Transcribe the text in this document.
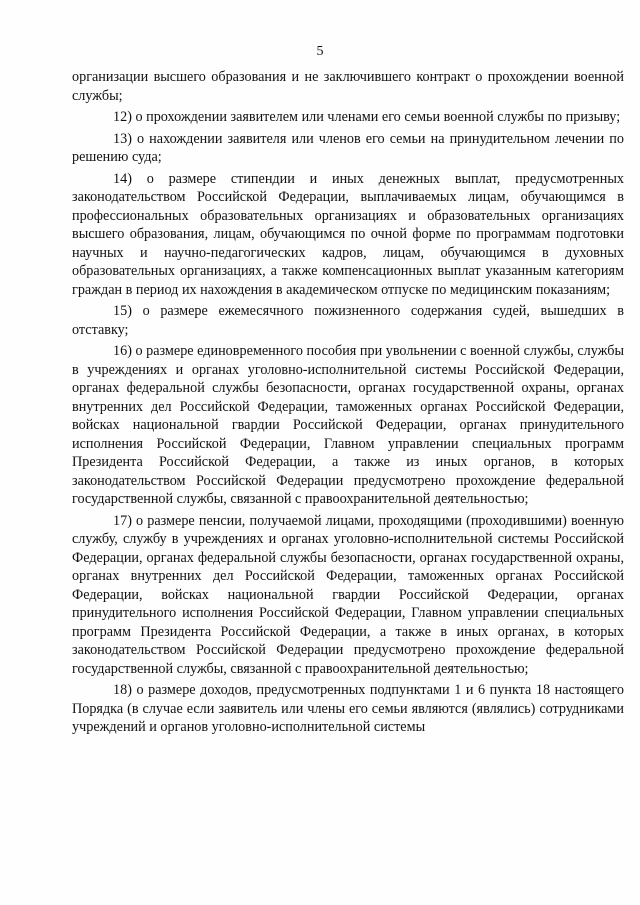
5

организации высшего образования и не заключившего контракт о прохождении военной службы;

12) о прохождении заявителем или членами его семьи военной службы по призыву;

13) о нахождении заявителя или членов его семьи на принудительном лечении по решению суда;

14) о размере стипендии и иных денежных выплат, предусмотренных законодательством Российской Федерации, выплачиваемых лицам, обучающимся в профессиональных образовательных организациях и образовательных организациях высшего образования, лицам, обучающимся по очной форме по программам подготовки научных и научно-педагогических кадров, лицам, обучающимся в духовных образовательных организациях, а также компенсационных выплат указанным категориям граждан в период их нахождения в академическом отпуске по медицинским показаниям;

15) о размере ежемесячного пожизненного содержания судей, вышедших в отставку;

16) о размере единовременного пособия при увольнении с военной службы, службы в учреждениях и органах уголовно-исполнительной системы Российской Федерации, органах федеральной службы безопасности, органах государственной охраны, органах внутренних дел Российской Федерации, таможенных органах Российской Федерации, войсках национальной гвардии Российской Федерации, органах принудительного исполнения Российской Федерации, Главном управлении специальных программ Президента Российской Федерации, а также из иных органов, в которых законодательством Российской Федерации предусмотрено прохождение федеральной государственной службы, связанной с правоохранительной деятельностью;

17) о размере пенсии, получаемой лицами, проходящими (проходившими) военную службу, службу в учреждениях и органах уголовно-исполнительной системы Российской Федерации, органах федеральной службы безопасности, органах государственной охраны, органах внутренних дел Российской Федерации, таможенных органах Российской Федерации, войсках национальной гвардии Российской Федерации, органах принудительного исполнения Российской Федерации, Главном управлении специальных программ Президента Российской Федерации, а также в иных органах, в которых законодательством Российской Федерации предусмотрено прохождение федеральной государственной службы, связанной с правоохранительной деятельностью;

18) о размере доходов, предусмотренных подпунктами 1 и 6 пункта 18 настоящего Порядка (в случае если заявитель или члены его семьи являются (являлись) сотрудниками учреждений и органов уголовно-исполнительной системы
